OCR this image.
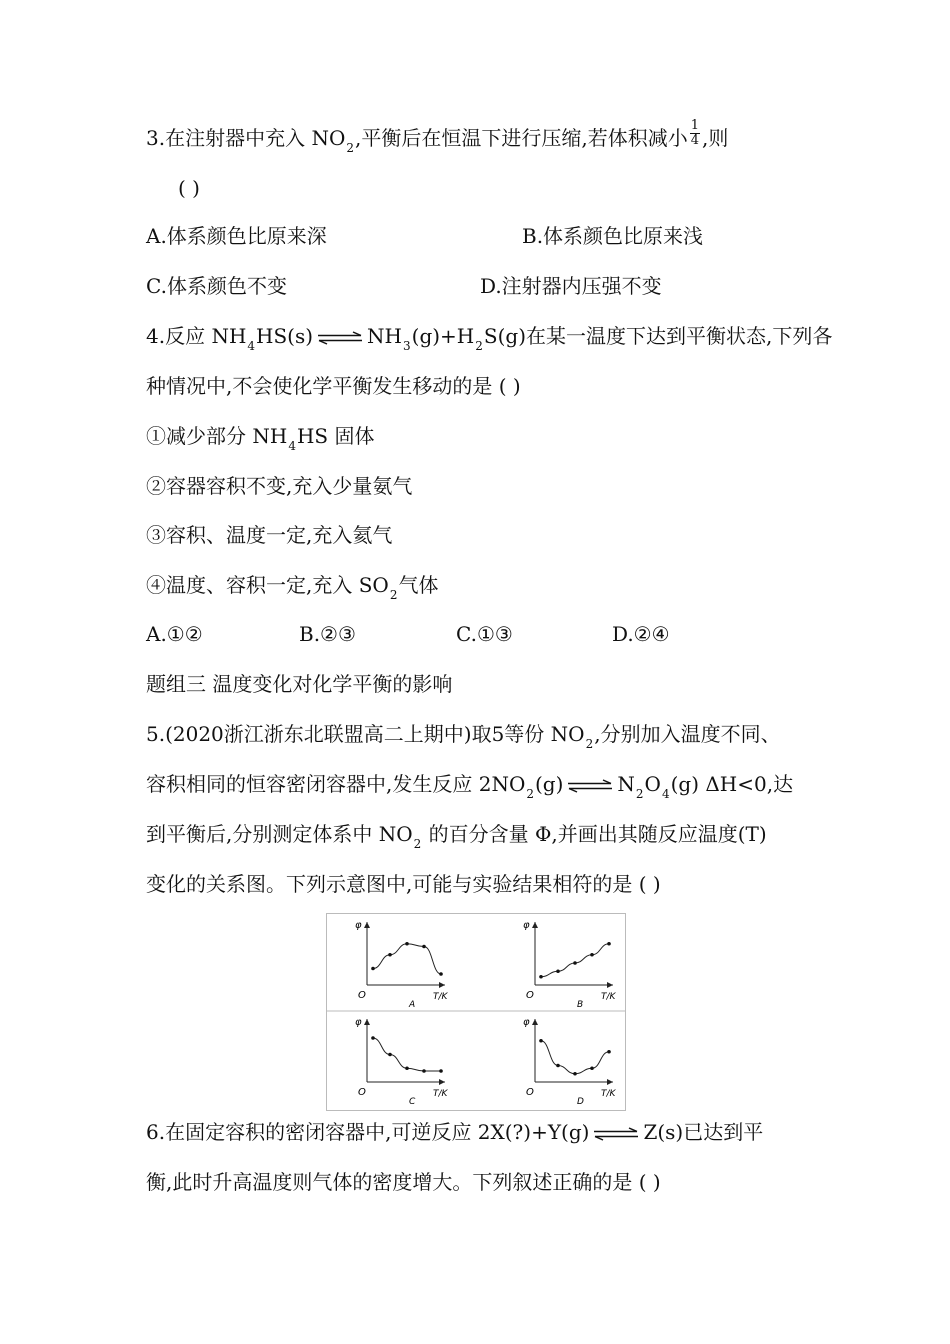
3.在注射器中充入 $NO_2$,平衡后在恒温下进行压缩,若体积减小 $\frac{1}{4}$ ,则
( )
A.体系颜色比原来深	B.体系颜色比原来浅
C.体系颜色不变	D.注射器内压强不变
4.反应 $NH_4HS(s)$ ⇌ $NH_3(g)+H_2S(g)$在某一温度下达到平衡状态,下列各
种情况中,不会使化学平衡发生移动的是 ( )
①减少部分 $NH_4HS$ 固体
②容器容积不变,充入少量氨气
③容积、温度一定,充入氦气
④温度、容积一定,充入 $SO_2$气体
A.①②	B.②③	C.①③	D.②④
题组三 温度变化对化学平衡的影响
5.(2020浙江浙东北联盟高二上期中)取5等份 $NO_2$,分别加入温度不同、
容积相同的恒容密闭容器中,发生反应 $2NO_2(g)$ ⇌ $N_2O_4(g)$ ΔH<0,达
到平衡后,分别测定体系中 $NO_2$ 的百分含量 Φ,并画出其随反应温度(T)
变化的关系图。下列示意图中,可能与实验结果相符的是 ( )
φ
O	T/K
A
φ
O	T/K
B
φ
O	T/K
C
φ
O	T/K
D
6.在固定容积的密闭容器中,可逆反应 2X(?)+Y(g) ⇌ Z(s)已达到平
衡,此时升高温度则气体的密度增大。下列叙述正确的是 ( )
